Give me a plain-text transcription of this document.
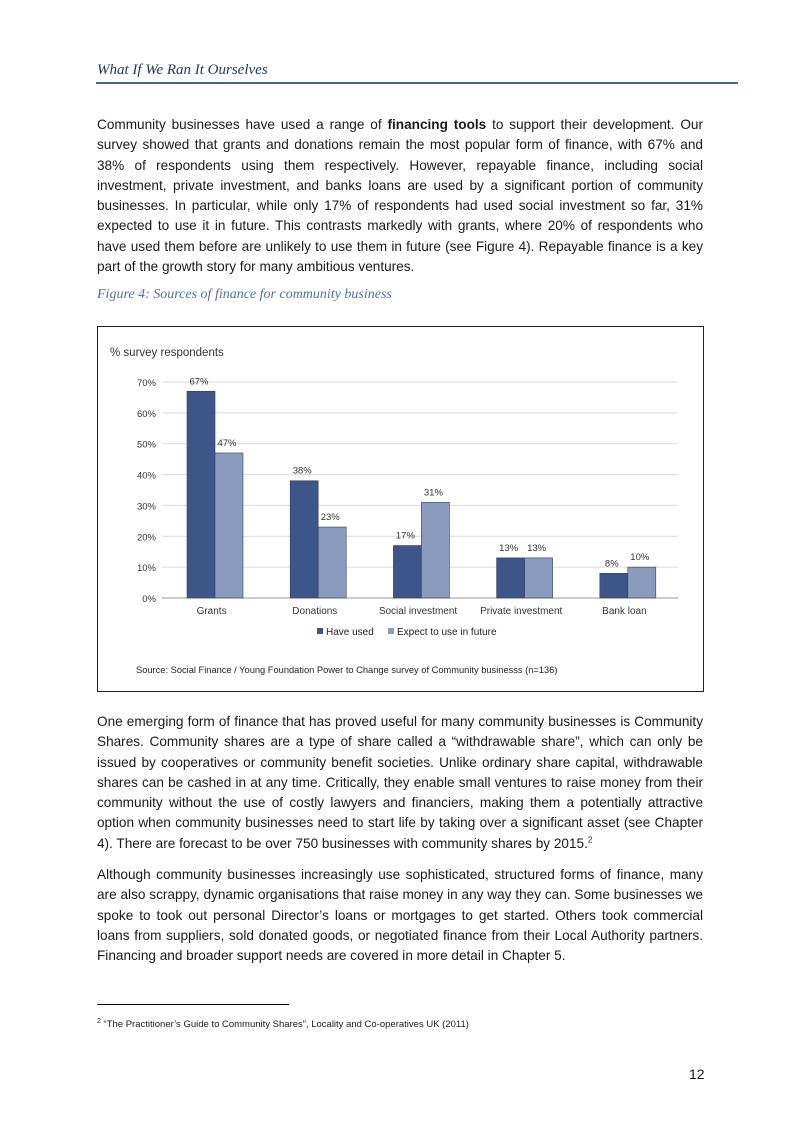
What If We Ran It Ourselves

Community businesses have used a range of financing tools to support their development. Our survey showed that grants and donations remain the most popular form of finance, with 67% and 38% of respondents using them respectively. However, repayable finance, including social investment, private investment, and banks loans are used by a significant portion of community businesses. In particular, while only 17% of respondents had used social investment so far, 31% expected to use it in future. This contrasts markedly with grants, where 20% of respondents who have used them before are unlikely to use them in future (see Figure 4). Repayable finance is a key part of the growth story for many ambitious ventures.

Figure 4: Sources of finance for community business
% survey respondents
0%
10%
20%
30%
40%
50%
60%
70%	67%
47%
Grants
38%
23%
Donations
17%
31%
Social investment
13% 13%
Private investment
8%
10%
Bank loan
Have used Expect to use in future
Source: Social Finance / Young Foundation Power to Change survey of Community businesss (n=136)

One emerging form of finance that has proved useful for many community businesses is Community Shares. Community shares are a type of share called a “withdrawable share”, which can only be issued by cooperatives or community benefit societies. Unlike ordinary share capital, withdrawable shares can be cashed in at any time. Critically, they enable small ventures to raise money from their community without the use of costly lawyers and financiers, making them a potentially attractive option when community businesses need to start life by taking over a significant asset (see Chapter 4). There are forecast to be over 750 businesses with community shares by 2015.$^2$

Although community businesses increasingly use sophisticated, structured forms of finance, many are also scrappy, dynamic organisations that raise money in any way they can. Some businesses we spoke to took out personal Director’s loans or mortgages to get started. Others took commercial loans from suppliers, sold donated goods, or negotiated finance from their Local Authority partners. Financing and broader support needs are covered in more detail in Chapter 5.

$^2$ “The Practitioner’s Guide to Community Shares”, Locality and Co-operatives UK (2011)
12
